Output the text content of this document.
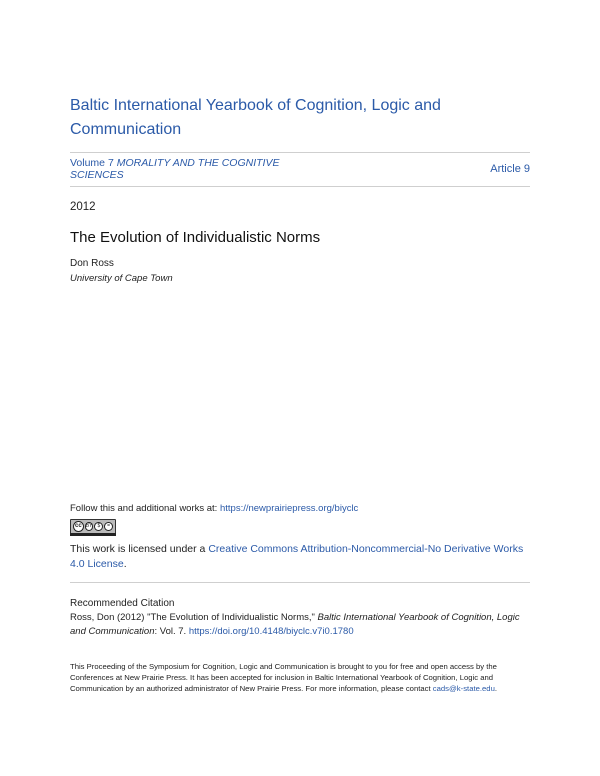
Baltic International Yearbook of Cognition, Logic and Communication
Volume 7 MORALITY AND THE COGNITIVE SCIENCES	Article 9
2012
The Evolution of Individualistic Norms
Don Ross
University of Cape Town
Follow this and additional works at: https://newprairiepress.org/biyclc
cc BY	$	=
This work is licensed under a Creative Commons Attribution-Noncommercial-No Derivative Works 4.0 License.
Recommended Citation
Ross, Don (2012) "The Evolution of Individualistic Norms," Baltic International Yearbook of Cognition, Logic and Communication: Vol. 7. https://doi.org/10.4148/biyclc.v7i0.1780
This Proceeding of the Symposium for Cognition, Logic and Communication is brought to you for free and open access by the Conferences at New Prairie Press. It has been accepted for inclusion in Baltic International Yearbook of Cognition, Logic and Communication by an authorized administrator of New Prairie Press. For more information, please contact cads@k-state.edu.
